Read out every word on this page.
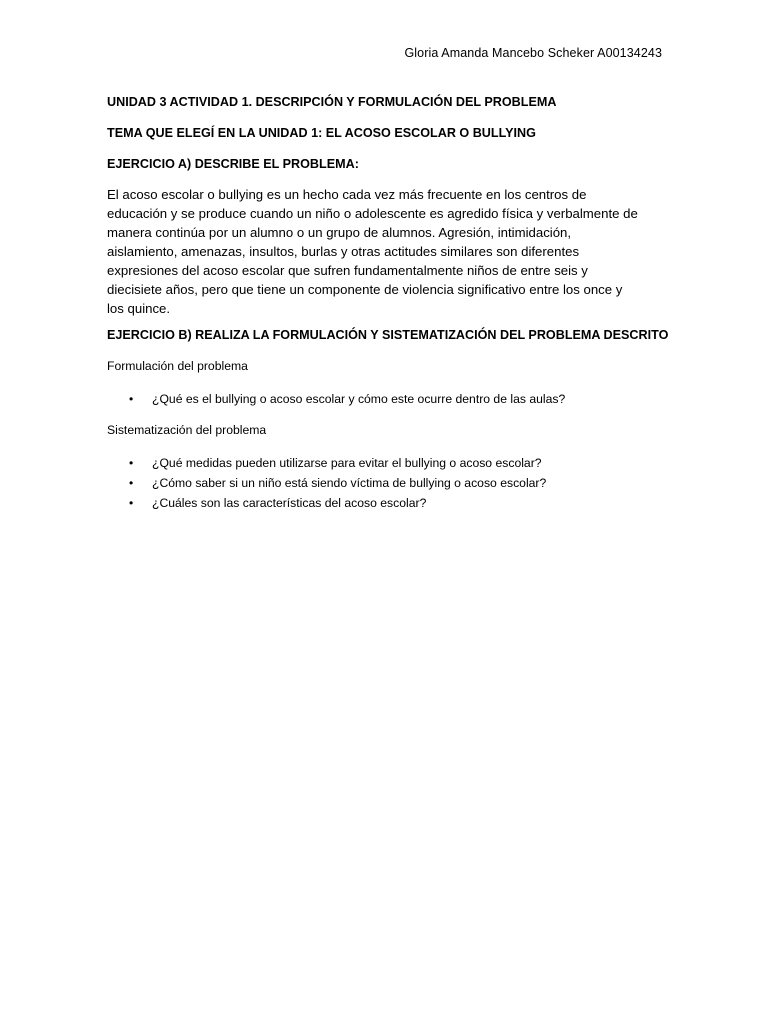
Gloria Amanda Mancebo Scheker A00134243
UNIDAD 3 ACTIVIDAD 1. DESCRIPCIÓN Y FORMULACIÓN DEL PROBLEMA
TEMA QUE ELEGÍ EN LA UNIDAD 1: EL ACOSO ESCOLAR O BULLYING
EJERCICIO A) DESCRIBE EL PROBLEMA:
El acoso escolar o bullying es un hecho cada vez más frecuente en los centros de
educación y se produce cuando un niño o adolescente es agredido física y verbalmente de
manera continúa por un alumno o un grupo de alumnos. Agresión, intimidación,
aislamiento, amenazas, insultos, burlas y otras actitudes similares son diferentes
expresiones del acoso escolar que sufren fundamentalmente niños de entre seis y
diecisiete años, pero que tiene un componente de violencia significativo entre los once y
los quince.
EJERCICIO B) REALIZA LA FORMULACIÓN Y SISTEMATIZACIÓN DEL PROBLEMA DESCRITO
Formulación del problema
• ¿Qué es el bullying o acoso escolar y cómo este ocurre dentro de las aulas?
Sistematización del problema
• ¿Qué medidas pueden utilizarse para evitar el bullying o acoso escolar?
• ¿Cómo saber si un niño está siendo víctima de bullying o acoso escolar?
• ¿Cuáles son las características del acoso escolar?
